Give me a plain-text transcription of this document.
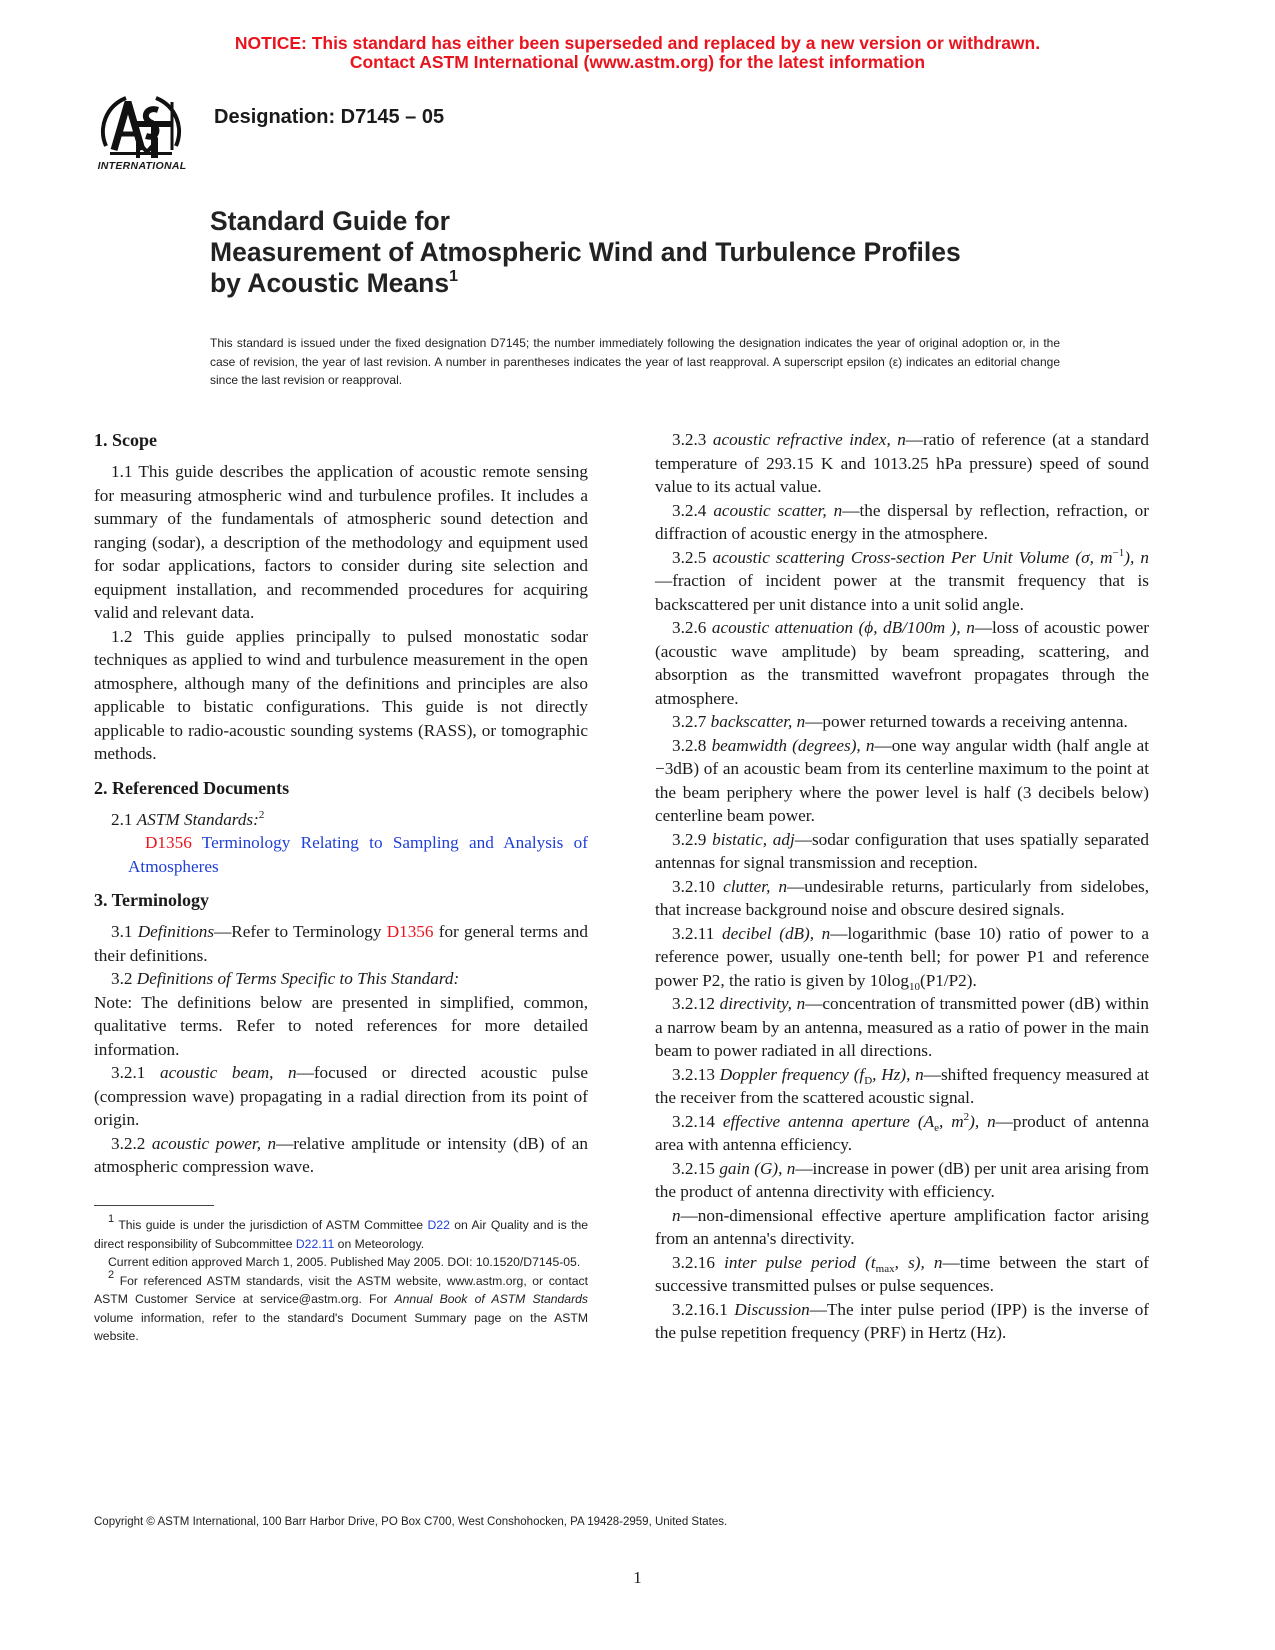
NOTICE: This standard has either been superseded and replaced by a new version or withdrawn.
Contact ASTM International (www.astm.org) for the latest information
INTERNATIONAL
Designation: D7145 – 05
Standard Guide for
Measurement of Atmospheric Wind and Turbulence Profiles
by Acoustic Means$^1$
This standard is issued under the fixed designation D7145; the number immediately following the designation indicates the year of original adoption or, in the case of revision, the year of last revision. A number in parentheses indicates the year of last reapproval. A superscript epsilon (ε) indicates an editorial change since the last revision or reapproval.
1. Scope

1.1 This guide describes the application of acoustic remote sensing for measuring atmospheric wind and turbulence profiles. It includes a summary of the fundamentals of atmospheric sound detection and ranging (sodar), a description of the methodology and equipment used for sodar applications, factors to consider during site selection and equipment installation, and recommended procedures for acquiring valid and relevant data.

1.2 This guide applies principally to pulsed monostatic sodar techniques as applied to wind and turbulence measurement in the open atmosphere, although many of the definitions and principles are also applicable to bistatic configurations. This guide is not directly applicable to radio-acoustic sounding systems (RASS), or tomographic methods.

2. Referenced Documents

2.1 ASTM Standards:$^2$

D1356 Terminology Relating to Sampling and Analysis of Atmospheres

3. Terminology

3.1 Definitions—Refer to Terminology D1356 for general terms and their definitions.

3.2 Definitions of Terms Specific to This Standard:

Note: The definitions below are presented in simplified, common, qualitative terms. Refer to noted references for more detailed information.

3.2.1 acoustic beam, n—focused or directed acoustic pulse (compression wave) propagating in a radial direction from its point of origin.

3.2.2 acoustic power, n—relative amplitude or intensity (dB) of an atmospheric compression wave.

3.2.3 acoustic refractive index, n—ratio of reference (at a standard temperature of 293.15 K and 1013.25 hPa pressure) speed of sound value to its actual value.

3.2.4 acoustic scatter, n—the dispersal by reflection, refraction, or diffraction of acoustic energy in the atmosphere.

3.2.5 acoustic scattering Cross-section Per Unit Volume (σ, $m^{-1}$), n—fraction of incident power at the transmit frequency that is backscattered per unit distance into a unit solid angle.

3.2.6 acoustic attenuation (ϕ, dB/100m ), n—loss of acoustic power (acoustic wave amplitude) by beam spreading, scattering, and absorption as the transmitted wavefront propagates through the atmosphere.

3.2.7 backscatter, n—power returned towards a receiving antenna.

3.2.8 beamwidth (degrees), n—one way angular width (half angle at −3dB) of an acoustic beam from its centerline maximum to the point at the beam periphery where the power level is half (3 decibels below) centerline beam power.

3.2.9 bistatic, adj—sodar configuration that uses spatially separated antennas for signal transmission and reception.

3.2.10 clutter, n—undesirable returns, particularly from sidelobes, that increase background noise and obscure desired signals.

3.2.11 decibel (dB), n—logarithmic (base 10) ratio of power to a reference power, usually one-tenth bell; for power P1 and reference power P2, the ratio is given by $10\log_{10}(P1/P2)$.

3.2.12 directivity, n—concentration of transmitted power (dB) within a narrow beam by an antenna, measured as a ratio of power in the main beam to power radiated in all directions.

3.2.13 Doppler frequency ($f_D$, Hz), n—shifted frequency measured at the receiver from the scattered acoustic signal.

3.2.14 effective antenna aperture ($A_e$, $m^2$), n—product of antenna area with antenna efficiency.

3.2.15 gain (G), n—increase in power (dB) per unit area arising from the product of antenna directivity with efficiency.

n—non-dimensional effective aperture amplification factor arising from an antenna's directivity.

3.2.16 inter pulse period ($t_{max}$, s), n—time between the start of successive transmitted pulses or pulse sequences.

3.2.16.1 Discussion—The inter pulse period (IPP) is the inverse of the pulse repetition frequency (PRF) in Hertz (Hz).

$^1$ This guide is under the jurisdiction of ASTM Committee D22 on Air Quality and is the direct responsibility of Subcommittee D22.11 on Meteorology.

Current edition approved March 1, 2005. Published May 2005. DOI: 10.1520/D7145-05.

$^2$ For referenced ASTM standards, visit the ASTM website, www.astm.org, or contact ASTM Customer Service at service@astm.org. For Annual Book of ASTM Standards volume information, refer to the standard's Document Summary page on the ASTM website.

Copyright © ASTM International, 100 Barr Harbor Drive, PO Box C700, West Conshohocken, PA 19428-2959, United States.
1
